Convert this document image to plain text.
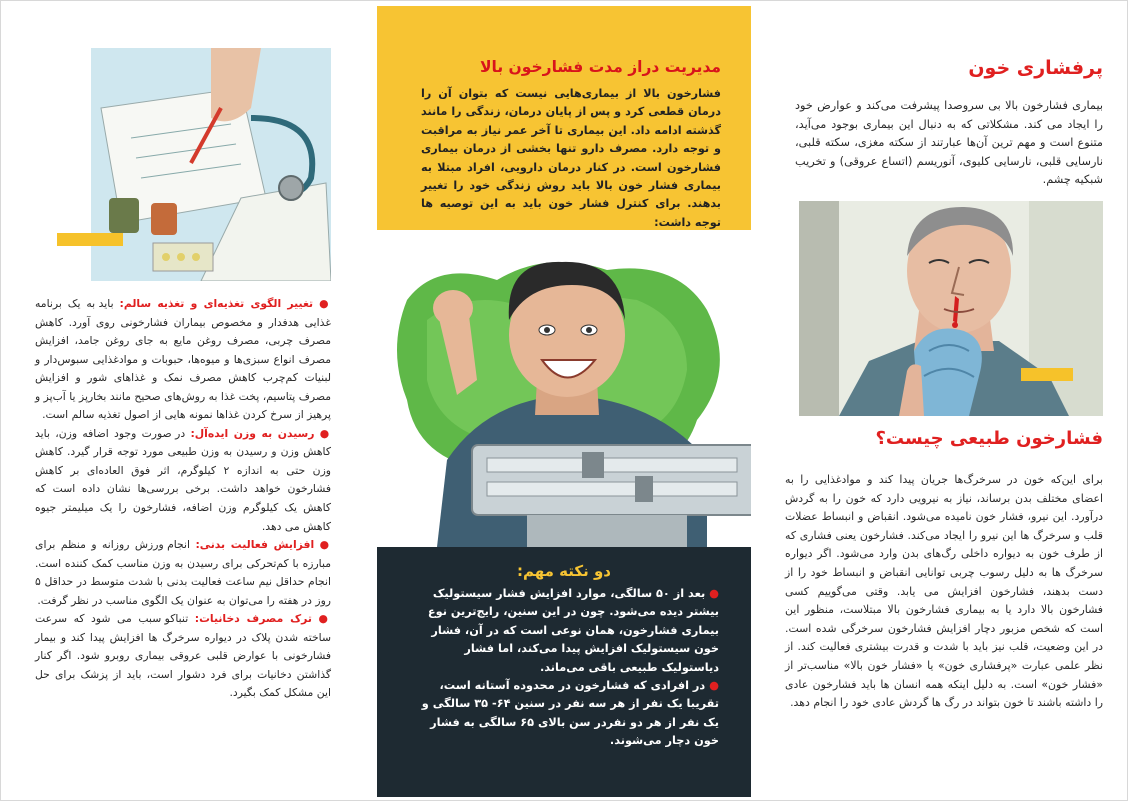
پرفشاری خون
بیماری فشارخون بالا بی سروصدا پیشرفت می‌کند و عوارض خود را ایجاد می کند. مشکلاتی که به دنبال این بیماری بوجود می‌آید، متنوع است و مهم ترین آن‌ها عبارتند از سکته مغزی، سکته قلبی، نارسایی قلبی، نارسایی کلیوی، آنوریسم (اتساع عروقی) و تخریب شبکیه چشم.
فشارخون طبیعی چیست؟
برای این‌که خون در سرخرگ‌ها جریان پیدا کند و موادغذایی را به اعضای مختلف بدن برساند، نیاز به نیرویی دارد که خون را به گردش درآورد. این نیرو، فشار خون نامیده می‌شود. انقباض و انبساط عضلات قلب و سرخرگ ها این نیرو را ایجاد می‌کند. فشارخون یعنی فشاری که از طرف خون به دیواره داخلی رگ‌های بدن وارد می‌شود. اگر دیواره سرخرگ ها به دلیل رسوب چربی توانایی انقباض و انبساط خود را از دست بدهند، فشارخون افزایش می یابد. وقتی می‌گوییم کسی فشارخون بالا دارد یا به بیماری فشارخون بالا مبتلاست، منظور این است که شخص مزبور دچار افزایش فشارخون سرخرگی شده است. در این وضعیت، قلب نیز باید با شدت و قدرت بیشتری فعالیت کند. از نظر علمی عبارت «پرفشاری خون» یا «فشار خون بالا» مناسب‌تر از «فشار خون» است. به دلیل اینکه همه انسان ها باید فشارخون عادی را داشته باشند تا خون بتواند در رگ ها گردش عادی خود را انجام دهد.
مدیریت دراز مدت فشارخون بالا
فشارخون بالا از بیماری‌هایی نیست که بتوان آن را درمان قطعی کرد و پس از پایان درمان، زندگی را مانند گذشته ادامه داد. این بیماری تا آخر عمر نیاز به مراقبت و توجه دارد. مصرف دارو تنها بخشی از درمان بیماری فشارخون است. در کنار درمان دارویی، افراد مبتلا به بیماری فشار خون بالا باید روش زندگی خود را تغییر بدهند. برای کنترل فشار خون باید به این توصیه ها توجه داشت:
دو نکته مهم:

● بعد از ۵۰ سالگی، موارد افزایش فشار سیستولیک بیشتر دیده می‌شود. چون در این سنین، رایج‌ترین نوع بیماری فشارخون، همان نوعی است که در آن، فشار خون سیستولیک افزایش پیدا می‌کند، اما فشار دیاستولیک طبیعی باقی می‌ماند.

● در افرادی که فشارخون در محدوده آستانه است، تقریبا یک نفر از هر سه نفر در سنین ۶۴- ۳۵ سالگی و یک نفر از هر دو نفردر سن بالای ۶۵ سالگی به فشار خون دچار می‌شوند.

● تغییر الگوی تغذیه‌ای و تغذیه سالم: باید به یک برنامه غذایی هدفدار و مخصوص بیماران فشارخونی روی آورد. کاهش مصرف چربی، مصرف روغن مایع به جای روغن جامد، افزایش مصرف انواع سبزی‌ها و میوه‌ها، حبوبات و موادغذایی سبوس‌دار و لبنیات کم‌چرب کاهش مصرف نمک و غذاهای شور و افزایش مصرف پتاسیم، پخت غذا به روش‌های صحیح مانند بخارپز یا آب‌پز و پرهیز از سرخ کردن غذاها نمونه هایی از اصول تغذیه سالم است.

● رسیدن به وزن ایده‌آل: در صورت وجود اضافه وزن، باید کاهش وزن و رسیدن به وزن طبیعی مورد توجه قرار گیرد. کاهش وزن حتی به اندازه ۲ کیلوگرم، اثر فوق العاده‌ای بر کاهش فشارخون خواهد داشت. برخی بررسی‌ها نشان داده است که کاهش یک کیلوگرم وزن اضافه، فشارخون را یک میلیمتر جیوه کاهش می دهد.

● افزایش فعالیت بدنی: انجام ورزش روزانه و منظم برای مبارزه با کم‌تحرکی برای رسیدن به وزن مناسب کمک کننده است. انجام حداقل نیم ساعت فعالیت بدنی با شدت متوسط در حداقل ۵ روز در هفته را می‌توان به عنوان یک الگوی مناسب در نظر گرفت.

● ترک مصرف دخانیات: تنباکو سبب می شود که سرعت ساخته شدن پلاک در دیواره سرخرگ ها افزایش پیدا کند و بیمار فشارخونی با عوارض قلبی عروقی بیماری روبرو شود. اگر کنار گذاشتن دخانیات برای فرد دشوار است، باید از پزشک برای حل این مشکل کمک بگیرد.
